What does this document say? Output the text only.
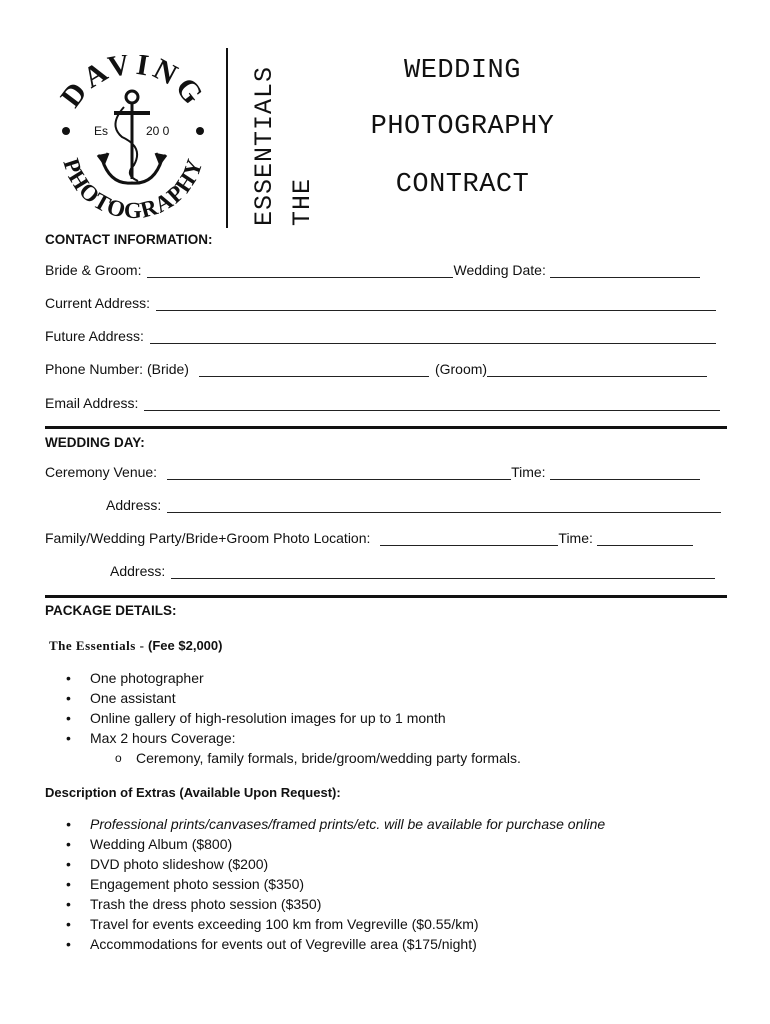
DAVING
PHOTOGRAPHY
Es	20 0	ESSENTIALS THE
WEDDING
PHOTOGRAPHY
CONTRACT
CONTACT INFORMATION:
Bride & Groom:	Wedding Date:
Current Address:
Future Address:
Phone Number: (Bride)	(Groom)
Email Address:
WEDDING DAY:
Ceremony Venue:	Time:
Address:
Family/Wedding Party/Bride+Groom Photo Location:	Time:
Address:
PACKAGE DETAILS:
The Essentials - (Fee $2,000)
• One photographer
• One assistant
• Online gallery of high-resolution images for up to 1 month
• Max 2 hours Coverage:
o Ceremony, family formals, bride/groom/wedding party formals.
Description of Extras (Available Upon Request):
• Professional prints/canvases/framed prints/etc. will be available for purchase online
• Wedding Album ($800)
• DVD photo slideshow ($200)
• Engagement photo session ($350)
• Trash the dress photo session ($350)
• Travel for events exceeding 100 km from Vegreville ($0.55/km)
• Accommodations for events out of Vegreville area ($175/night)
